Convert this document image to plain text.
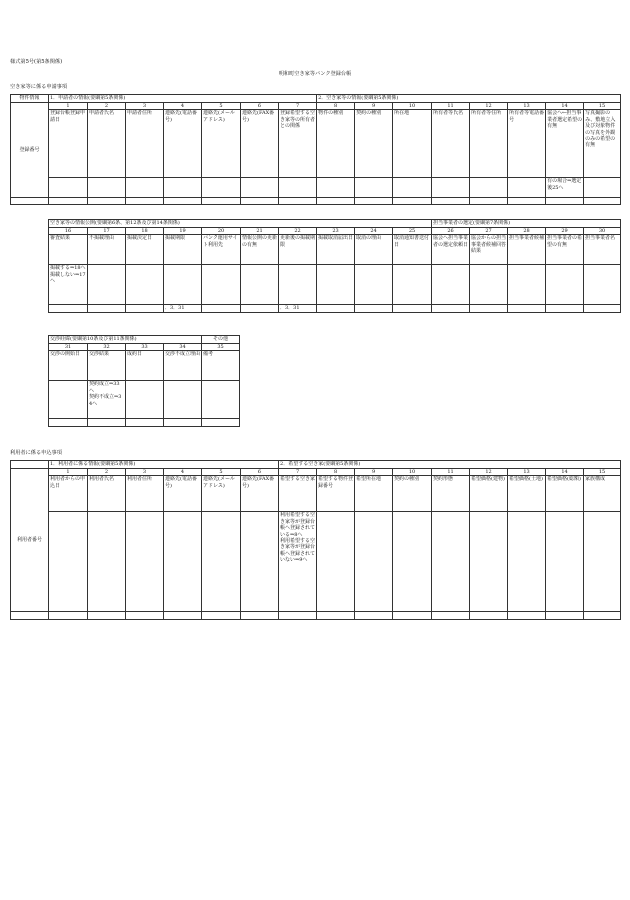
様式第5号(第5条関係)
明和町空き家等バンク登録台帳
空き家等に係る申請事項
物件情報	1．申請者の情報(要綱第5条関係)							2．空き家等の情報(要綱第5条関係)							
登録番号	1	2	3	4	5	6	7	8	9	10	11	12	13	14	15
	登録台帳登録申請日	申請者氏名	申請者住所	連絡先(電話番号)	連絡先(メールアドレス)	連絡先(FAX番号)	登録希望する空き家等の所有者との関係	物件の種別	契約の種別	所在地	所有者等氏名	所有者等住所	所有者等電話番号	協会へ←担当事業者選定希望の有無	写真撮影のみ、敷地立入及び対象物件の写真を外観のみの希望の有無
														有の場合⇒選定後25へ	

空き家等の情報公開(要綱第6条、第12条及び第14条関係)										担当事業者の選定(要綱第7条関係)				
16	17	18	19	20	21	22	23	24	25	26	27	28	29	30
審査結果	不掲載理由	掲載決定日	掲載期限	バンク運用サイト利用先	情報公開の更新の有無	更新後の掲載期限	掲載取消届出日	取消の理由	取消通知書送付日	協会へ担当事業者の選定依頼日	協会からの担当事業者候補回答結果	担当事業者候補	担当事業者の希望の有無	担当事業者名
掲載する⇒18へ
掲載しない⇒17へ														
			．3．31			．3．31								
交渉経緯(要綱第10条及び第11条関係)				その他
31	32	33	34	35
交渉の開始日	交渉結果	成約日	交渉不成立理由	備考
	契約成立⇒33へ
契約不成立⇒34へ			

利用者に係る申込事項
	1．利用者に係る情報(要綱第5条関係)						2．希望する空き家(要綱第5条関係)								
利用者番号	1	2	3	4	5	6	7	8	9	10	11	12	13	14	15
	利用者からの申込日	利用者氏名	利用者住所	連絡先(電話番号)	連絡先(メールアドレス)	連絡先(FAX番号)	希望する空き家	希望する物件登録番号	希望所在地	契約の種別	契約形態	希望価格(建物)	希望価格(土地)	希望価格(総額)	家族構成
							利用希望する空き家等が登録台帳へ登録されている⇒8へ
利用希望する空き家等が登録台帳へ登録されていない⇒9へ								
